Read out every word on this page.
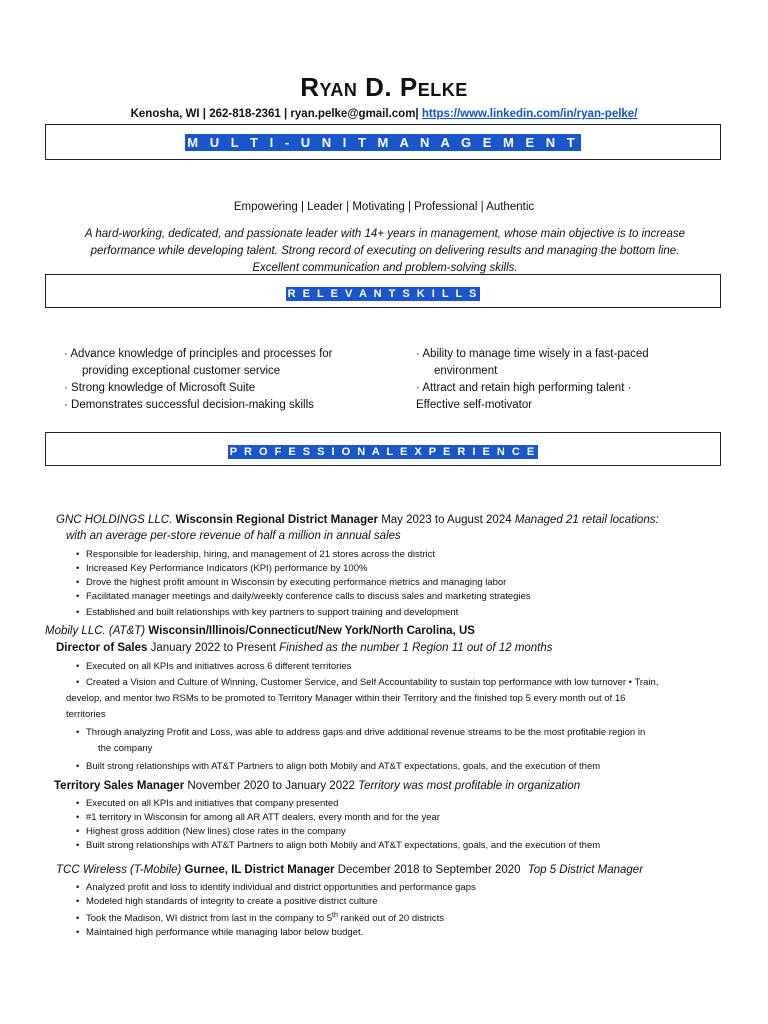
Ryan D. Pelke
Kenosha, WI | 262-818-2361 | ryan.pelke@gmail.com| https://www.linkedin.com/in/ryan-pelke/
M U L T I - U N I T M A N A G E M E N T
Empowering | Leader | Motivating | Professional | Authentic
A hard-working, dedicated, and passionate leader with 14+ years in management, whose main objective is to increase
performance while developing talent. Strong record of executing on delivering results and managing the bottom line.
Excellent communication and problem-solving skills.
R E L E V A N T S K I L L S
· Advance knowledge of principles and processes for
providing exceptional customer service
· Strong knowledge of Microsoft Suite
· Demonstrates successful decision-making skills
· Ability to manage time wisely in a fast-paced
environment
· Attract and retain high performing talent ·
Effective self-motivator
P R O F E S S I O N A L E X P E R I E N C E
GNC HOLDINGS LLC. Wisconsin Regional District Manager May 2023 to August 2024 Managed 21 retail locations:
with an average per-store revenue of half a million in annual sales
• Responsible for leadership, hiring, and management of 21 stores across the district
• Increased Key Performance Indicators (KPI) performance by 100%
• Drove the highest profit amount in Wisconsin by executing performance metrics and managing labor
• Facilitated manager meetings and daily/weekly conference calls to discuss sales and marketing strategies
• Established and built relationships with key partners to support training and development
Mobily LLC. (AT&T) Wisconsin/Illinois/Connecticut/New York/North Carolina, US
Director of Sales January 2022 to Present Finished as the number 1 Region 11 out of 12 months
• Executed on all KPIs and initiatives across 6 different territories
• Created a Vision and Culture of Winning, Customer Service, and Self Accountability to sustain top performance with low turnover • Train,
develop, and mentor two RSMs to be promoted to Territory Manager within their Territory and the finished top 5 every month out of 16
territories
• Through analyzing Profit and Loss, was able to address gaps and drive additional revenue streams to be the most profitable region in
the company
• Built strong relationships with AT&T Partners to align both Mobily and AT&T expectations, goals, and the execution of them
Territory Sales Manager November 2020 to January 2022 Territory was most profitable in organization
• Executed on all KPIs and initiatives that company presented
• #1 territory in Wisconsin for among all AR ATT dealers, every month and for the year
• Highest gross addition (New lines) close rates in the company
• Built strong relationships with AT&T Partners to align both Mobily and AT&T expectations, goals, and the execution of them
TCC Wireless (T-Mobile) Gurnee, IL District Manager December 2018 to September 2020 Top 5 District Manager
• Analyzed profit and loss to identify individual and district opportunities and performance gaps
• Modeled high standards of integrity to create a positive district culture
• Took the Madison, WI district from last in the company to 5th ranked out of 20 districts
• Maintained high performance while managing labor below budget.
